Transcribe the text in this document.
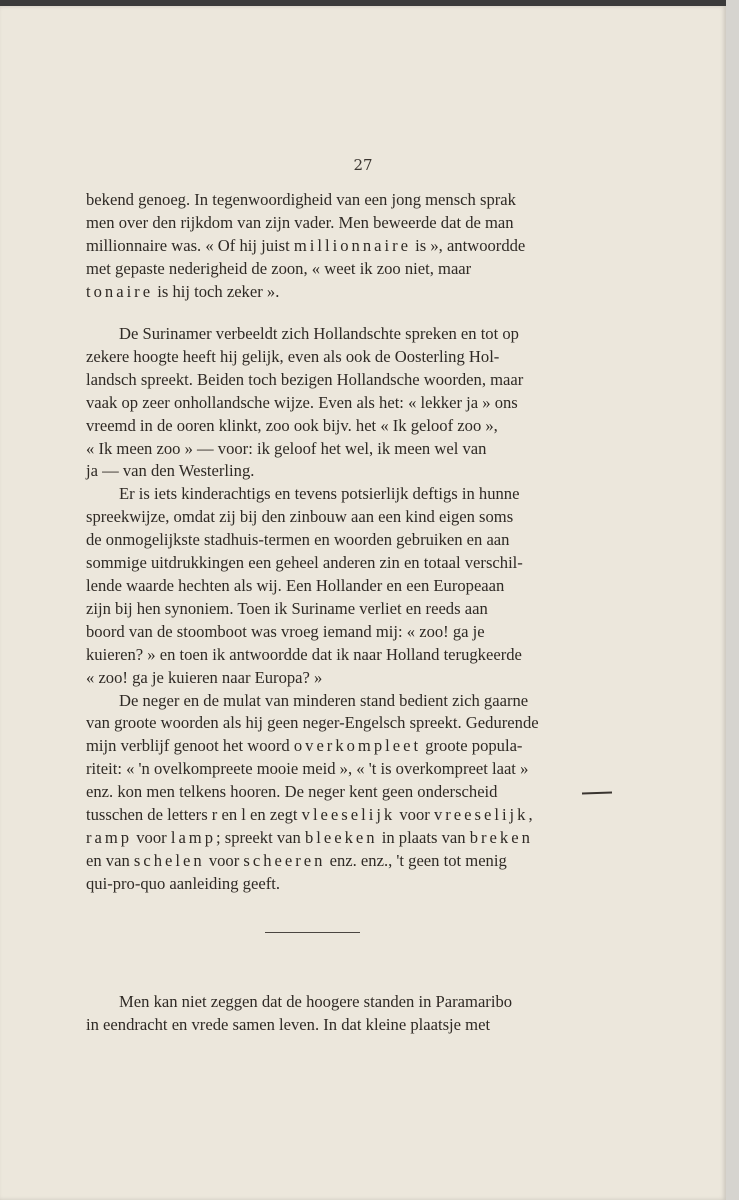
27

bekend genoeg. In tegenwoordigheid van een jong mensch sprak

men over den rijkdom van zijn vader. Men beweerde dat de man

millionnaire was. « Of hij juist millionnaire is », antwoordde

met gepaste nederigheid de zoon, « weet ik zoo niet, maar

tonaire is hij toch zeker ».

De Surinamer verbeeldt zich Hollandschte spreken en tot op

zekere hoogte heeft hij gelijk, even als ook de Oosterling Hol-

landsch spreekt. Beiden toch bezigen Hollandsche woorden, maar

vaak op zeer onhollandsche wijze. Even als het: « lekker ja » ons

vreemd in de ooren klinkt, zoo ook bijv. het « Ik geloof zoo »,

« Ik meen zoo » — voor: ik geloof het wel, ik meen wel van

ja — van den Westerling.

Er is iets kinderachtigs en tevens potsierlijk deftigs in hunne

spreekwijze, omdat zij bij den zinbouw aan een kind eigen soms

de onmogelijkste stadhuis-termen en woorden gebruiken en aan

sommige uitdrukkingen een geheel anderen zin en totaal verschil-

lende waarde hechten als wij. Een Hollander en een Europeaan

zijn bij hen synoniem. Toen ik Suriname verliet en reeds aan

boord van de stoomboot was vroeg iemand mij: « zoo! ga je

kuieren? » en toen ik antwoordde dat ik naar Holland terugkeerde

« zoo! ga je kuieren naar Europa? »

De neger en de mulat van minderen stand bedient zich gaarne

van groote woorden als hij geen neger-Engelsch spreekt. Gedurende

mijn verblijf genoot het woord overkompleet groote popula-

riteit: « 'n ovelkompreete mooie meid », « 't is overkompreet laat »

enz. kon men telkens hooren. De neger kent geen onderscheid

tusschen de letters r en l en zegt vleeselijk voor vreeselijk,

ramp voor lamp; spreekt van bleeken in plaats van breken

en van schelen voor scheeren enz. enz., 't geen tot menig

qui-pro-quo aanleiding geeft.

Men kan niet zeggen dat de hoogere standen in Paramaribo

in eendracht en vrede samen leven. In dat kleine plaatsje met
